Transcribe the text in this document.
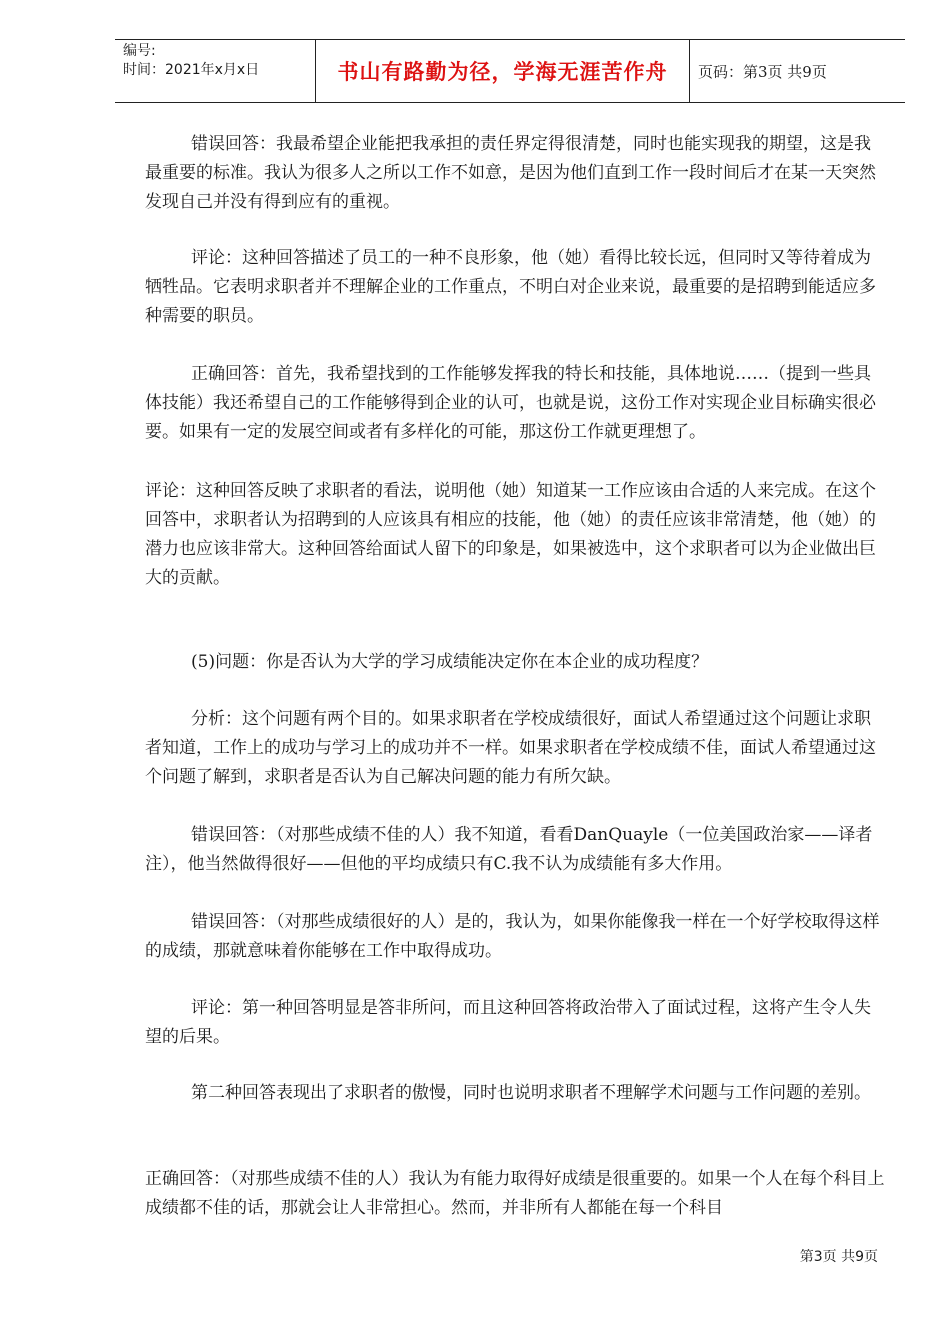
编号:
时间：2021年x月x日	书山有路勤为径，学海无涯苦作舟	页码：第3页 共9页

错误回答：我最希望企业能把我承担的责任界定得很清楚，同时也能实现我的期望，这是我最重要的标准。我认为很多人之所以工作不如意，是因为他们直到工作一段时间后才在某一天突然发现自己并没有得到应有的重视。

评论：这种回答描述了员工的一种不良形象，他（她）看得比较长远，但同时又等待着成为牺牲品。它表明求职者并不理解企业的工作重点，不明白对企业来说，最重要的是招聘到能适应多种需要的职员。

正确回答：首先，我希望找到的工作能够发挥我的特长和技能，具体地说……（提到一些具体技能）我还希望自己的工作能够得到企业的认可，也就是说，这份工作对实现企业目标确实很必要。如果有一定的发展空间或者有多样化的可能，那这份工作就更理想了。

评论：这种回答反映了求职者的看法，说明他（她）知道某一工作应该由合适的人来完成。在这个回答中，求职者认为招聘到的人应该具有相应的技能，他（她）的责任应该非常清楚，他（她）的潜力也应该非常大。这种回答给面试人留下的印象是，如果被选中，这个求职者可以为企业做出巨大的贡献。

(5)问题：你是否认为大学的学习成绩能决定你在本企业的成功程度？

分析：这个问题有两个目的。如果求职者在学校成绩很好，面试人希望通过这个问题让求职者知道，工作上的成功与学习上的成功并不一样。如果求职者在学校成绩不佳，面试人希望通过这个问题了解到，求职者是否认为自己解决问题的能力有所欠缺。

错误回答：（对那些成绩不佳的人）我不知道，看看DanQuayle（一位美国政治家——译者注），他当然做得很好——但他的平均成绩只有C.我不认为成绩能有多大作用。

错误回答：（对那些成绩很好的人）是的，我认为，如果你能像我一样在一个好学校取得这样的成绩，那就意味着你能够在工作中取得成功。

评论：第一种回答明显是答非所问，而且这种回答将政治带入了面试过程，这将产生令人失望的后果。

第二种回答表现出了求职者的傲慢，同时也说明求职者不理解学术问题与工作问题的差别。

正确回答：（对那些成绩不佳的人）我认为有能力取得好成绩是很重要的。如果一个人在每个科目上成绩都不佳的话，那就会让人非常担心。然而，并非所有人都能在每一个科目

第3页 共9页
